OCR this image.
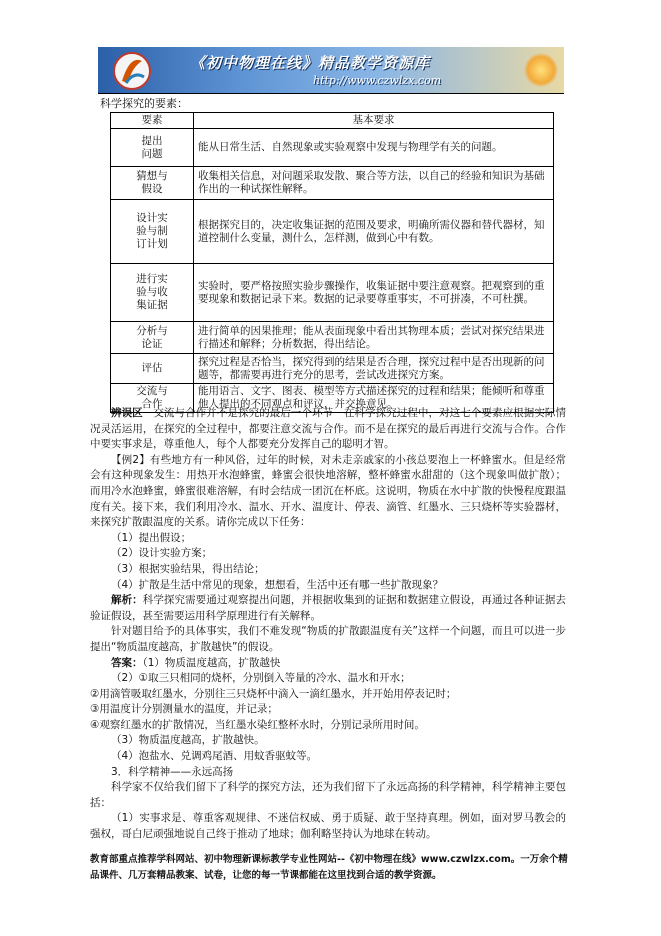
《初中物理在线》精品教学资源库
http://www.czwlzx.com
科学探究的要素：
要素	基本要求

提出问题	能从日常生活、自然现象或实验观察中发现与物理学有关的问题。

猜想与假设	收集相关信息，对问题采取发散、聚合等方法，以自己的经验和知识为基础作出的一种试探性解释。

设计实验与制订计划	根据探究目的，决定收集证据的范围及要求，明确所需仪器和替代器材，知道控制什么变量，测什么，怎样测，做到心中有数。

进行实验与收集证据	实验时，要严格按照实验步骤操作，收集证据中要注意观察。把观察到的重要现象和数据记录下来。数据的记录要尊重事实，不可拼凑，不可杜撰。

分析与论证	进行简单的因果推理；能从表面现象中看出其物理本质；尝试对探究结果进行描述和解释；分析数据，得出结论。
评估	探究过程是否恰当，探究得到的结果是否合理，探究过程中是否出现新的问题等，都需要再进行充分的思考，尝试改进探究方案。

交流与合作	能用语言、文字、图表、模型等方式描述探究的过程和结果；能倾听和尊重他人提出的不同观点和评议，并交换意见。

辨误区　 交流与合作并不是探究的最后一个环节　在科学探究过程中，对这七个要素应根据实际情况灵活运用，在探究的全过程中，都要注意交流与合作。而不是在探究的最后再进行交流与合作。合作中要实事求是，尊重他人，每个人都要充分发挥自己的聪明才智。

【例2】有些地方有一种风俗，过年的时候，对未走亲戚家的小孩总要泡上一杯蜂蜜水。但是经常会有这种现象发生：用热开水泡蜂蜜，蜂蜜会很快地溶解，整杯蜂蜜水甜甜的（这个现象叫做扩散）；而用冷水泡蜂蜜，蜂蜜很难溶解，有时会结成一团沉在杯底。这说明，物质在水中扩散的快慢程度跟温度有关。接下来，我们利用冷水、温水、开水、温度计、停表、滴管、红墨水、三只烧杯等实验器材，来探究扩散跟温度的关系。请你完成以下任务：

（1）提出假设；

（2）设计实验方案；

（3）根据实验结果，得出结论；

（4）扩散是生活中常见的现象，想想看，生活中还有哪一些扩散现象？

解析：科学探究需要通过观察提出问题，并根据收集到的证据和数据建立假设，再通过各种证据去验证假设，甚至需要运用科学原理进行有关解释。

针对题目给予的具体事实，我们不难发现“物质的扩散跟温度有关”这样一个问题，而且可以进一步提出“物质温度越高，扩散越快”的假设。

答案：（1）物质温度越高，扩散越快

（2）①取三只相同的烧杯，分别倒入等量的冷水、温水和开水；

②用滴管吸取红墨水，分别往三只烧杯中滴入一滴红墨水，并开始用停表记时；

③用温度计分别测量水的温度，并记录；

④观察红墨水的扩散情况，当红墨水染红整杯水时，分别记录所用时间。

（3）物质温度越高，扩散越快。

（4）泡盐水、兑调鸡尾酒、用蚊香驱蚊等。

3．科学精神——永远高扬

科学家不仅给我们留下了科学的探究方法，还为我们留下了永远高扬的科学精神，科学精神主要包括：

（1）实事求是、尊重客观规律、不迷信权威、勇于质疑、敢于坚持真理。例如，面对罗马教会的强权，哥白尼顽强地说自己终于推动了地球；伽利略坚持认为地球在转动。

教育部重点推荐学科网站、初中物理新课标教学专业性网站--《初中物理在线》www.czwlzx.com。一万余个精品课件、几万套精品教案、试卷，让您的每一节课都能在这里找到合适的教学资源。
